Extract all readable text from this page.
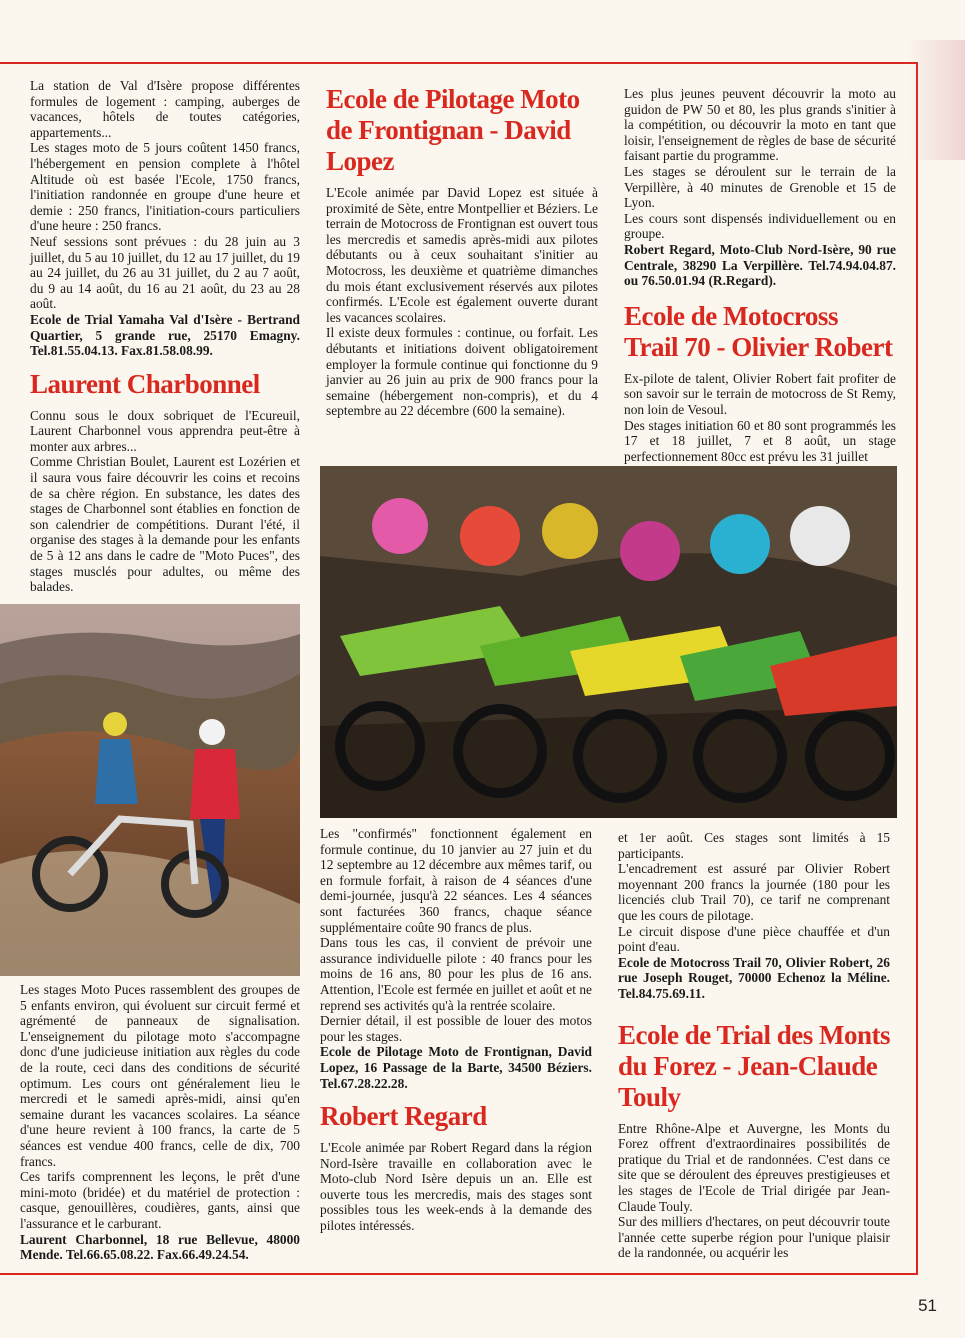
La station de Val d'Isère propose différentes formules de logement : camping, auberges de vacances, hôtels de toutes catégories, appartements...

Les stages moto de 5 jours coûtent 1450 francs, l'hébergement en pension complete à l'hôtel Altitude où est basée l'Ecole, 1750 francs, l'initiation randonnée en groupe d'une heure et demie : 250 francs, l'initiation-cours particuliers d'une heure : 250 francs.

Neuf sessions sont prévues : du 28 juin au 3 juillet, du 5 au 10 juillet, du 12 au 17 juillet, du 19 au 24 juillet, du 26 au 31 juillet, du 2 au 7 août, du 9 au 14 août, du 16 au 21 août, du 23 au 28 août.

Ecole de Trial Yamaha Val d'Isère - Bertrand Quartier, 5 grande rue, 25170 Emagny. Tel.81.55.04.13. Fax.81.58.08.99.

Laurent Charbonnel

Connu sous le doux sobriquet de l'Ecureuil, Laurent Charbonnel vous apprendra peut-être à monter aux arbres...

Comme Christian Boulet, Laurent est Lozérien et il saura vous faire découvrir les coins et recoins de sa chère région. En substance, les dates des stages de Charbonnel sont établies en fonction de son calendrier de compétitions. Durant l'été, il organise des stages à la demande pour les enfants de 5 à 12 ans dans le cadre de "Moto Puces", des stages musclés pour adultes, ou même des balades.

Les stages Moto Puces rassemblent des groupes de 5 enfants environ, qui évoluent sur circuit fermé et agrémenté de panneaux de signalisation. L'enseignement du pilotage moto s'accompagne donc d'une judicieuse initiation aux règles du code de la route, ceci dans des conditions de sécurité optimum. Les cours ont généralement lieu le mercredi et le samedi après-midi, ainsi qu'en semaine durant les vacances scolaires. La séance d'une heure revient à 100 francs, la carte de 5 séances est vendue 400 francs, celle de dix, 700 francs.

Ces tarifs comprennent les leçons, le prêt d'une mini-moto (bridée) et du matériel de protection : casque, genouillères, coudières, gants, ainsi que l'assurance et le carburant.

Laurent Charbonnel, 18 rue Bellevue, 48000 Mende. Tel.66.65.08.22. Fax.66.49.24.54.

Ecole de Pilotage Moto de Frontignan - David Lopez

L'Ecole animée par David Lopez est située à proximité de Sète, entre Montpellier et Béziers. Le terrain de Motocross de Frontignan est ouvert tous les mercredis et samedis après-midi aux pilotes débutants ou à ceux souhaitant s'initier au Motocross, les deuxième et quatrième dimanches du mois étant exclusivement réservés aux pilotes confirmés. L'Ecole est également ouverte durant les vacances scolaires.

Il existe deux formules : continue, ou forfait. Les débutants et initiations doivent obligatoirement employer la formule continue qui fonctionne du 9 janvier au 26 juin au prix de 900 francs pour la semaine (hébergement non-compris), et du 4 septembre au 22 décembre (600 la semaine).

Les "confirmés" fonctionnent également en formule continue, du 10 janvier au 27 juin et du 12 septembre au 12 décembre aux mêmes tarif, ou en formule forfait, à raison de 4 séances d'une demi-journée, jusqu'à 22 séances. Les 4 séances sont facturées 360 francs, chaque séance supplémentaire coûte 90 francs de plus.

Dans tous les cas, il convient de prévoir une assurance individuelle pilote : 40 francs pour les moins de 16 ans, 80 pour les plus de 16 ans. Attention, l'Ecole est fermée en juillet et août et ne reprend ses activités qu'à la rentrée scolaire.

Dernier détail, il est possible de louer des motos pour les stages.

Ecole de Pilotage Moto de Frontignan, David Lopez, 16 Passage de la Barte, 34500 Béziers. Tel.67.28.22.28.

Robert Regard

L'Ecole animée par Robert Regard dans la région Nord-Isère travaille en collaboration avec le Moto-club Nord Isère depuis un an. Elle est ouverte tous les mercredis, mais des stages sont possibles tous les week-ends à la demande des pilotes intéressés.

Les plus jeunes peuvent découvrir la moto au guidon de PW 50 et 80, les plus grands s'initier à la compétition, ou découvrir la moto en tant que loisir, l'enseignement de règles de base de sécurité faisant partie du programme.

Les stages se déroulent sur le terrain de la Verpillère, à 40 minutes de Grenoble et 15 de Lyon.

Les cours sont dispensés individuellement ou en groupe.

Robert Regard, Moto-Club Nord-Isère, 90 rue Centrale, 38290 La Verpillère. Tel.74.94.04.87. ou 76.50.01.94 (R.Regard).

Ecole de Motocross Trail 70 - Olivier Robert

Ex-pilote de talent, Olivier Robert fait profiter de son savoir sur le terrain de motocross de St Remy, non loin de Vesoul.

Des stages initiation 60 et 80 sont programmés les 17 et 18 juillet, 7 et 8 août, un stage perfectionnement 80cc est prévu les 31 juillet

et 1er août. Ces stages sont limités à 15 participants.

L'encadrement est assuré par Olivier Robert moyennant 200 francs la journée (180 pour les licenciés club Trail 70), ce tarif ne comprenant que les cours de pilotage.

Le circuit dispose d'une pièce chauffée et d'un point d'eau.

Ecole de Motocross Trail 70, Olivier Robert, 26 rue Joseph Rouget, 70000 Echenoz la Méline. Tel.84.75.69.11.

Ecole de Trial des Monts du Forez - Jean-Claude Touly

Entre Rhône-Alpe et Auvergne, les Monts du Forez offrent d'extraordinaires possibilités de pratique du Trial et de randonnées. C'est dans ce site que se déroulent des épreuves prestigieuses et les stages de l'Ecole de Trial dirigée par Jean-Claude Touly.

Sur des milliers d'hectares, on peut découvrir toute l'année cette superbe région pour l'unique plaisir de la randonnée, ou acquérir les

51
